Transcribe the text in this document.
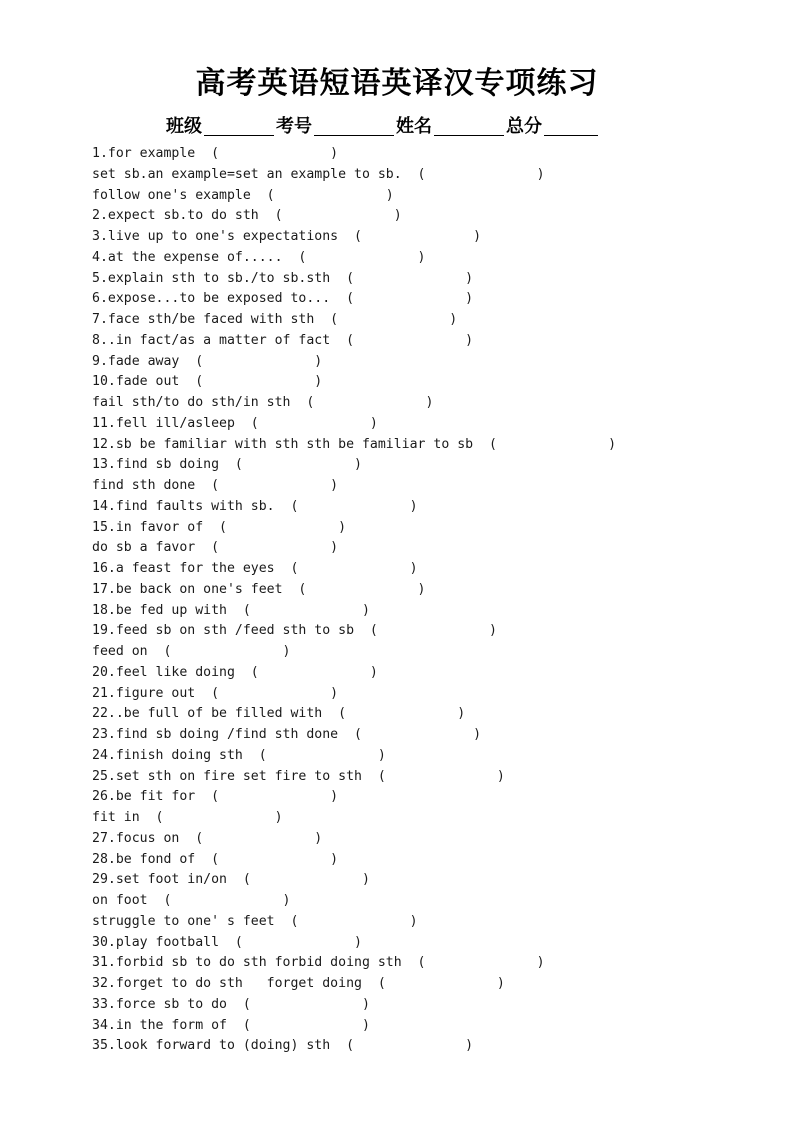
高考英语短语英译汉专项练习
班级	考号	姓名	总分
1.for example  (              )
set sb.an example=set an example to sb.  (              )
follow one's example  (              )
2.expect sb.to do sth  (              )
3.live up to one's expectations  (              )
4.at the expense of.....  (              )
5.explain sth to sb./to sb.sth  (              )
6.expose...to be exposed to...  (              )
7.face sth/be faced with sth  (              )
8..in fact/as a matter of fact  (              )
9.fade away  (              )
10.fade out  (              )
fail sth/to do sth/in sth  (              )
11.fell ill/asleep  (              )
12.sb be familiar with sth sth be familiar to sb  (              )
13.find sb doing  (              )
find sth done  (              )
14.find faults with sb.  (              )
15.in favor of  (              )
do sb a favor  (              )
16.a feast for the eyes  (              )
17.be back on one's feet  (              )
18.be fed up with  (              )
19.feed sb on sth /feed sth to sb  (              )
feed on  (              )
20.feel like doing  (              )
21.figure out  (              )
22..be full of be filled with  (              )
23.find sb doing /find sth done  (              )
24.finish doing sth  (              )
25.set sth on fire set fire to sth  (              )
26.be fit for  (              )
fit in  (              )
27.focus on  (              )
28.be fond of  (              )
29.set foot in/on  (              )
on foot  (              )
struggle to one' s feet  (              )
30.play football  (              )
31.forbid sb to do sth forbid doing sth  (              )
32.forget to do sth   forget doing  (              )
33.force sb to do  (              )
34.in the form of  (              )
35.look forward to (doing) sth  (              )
